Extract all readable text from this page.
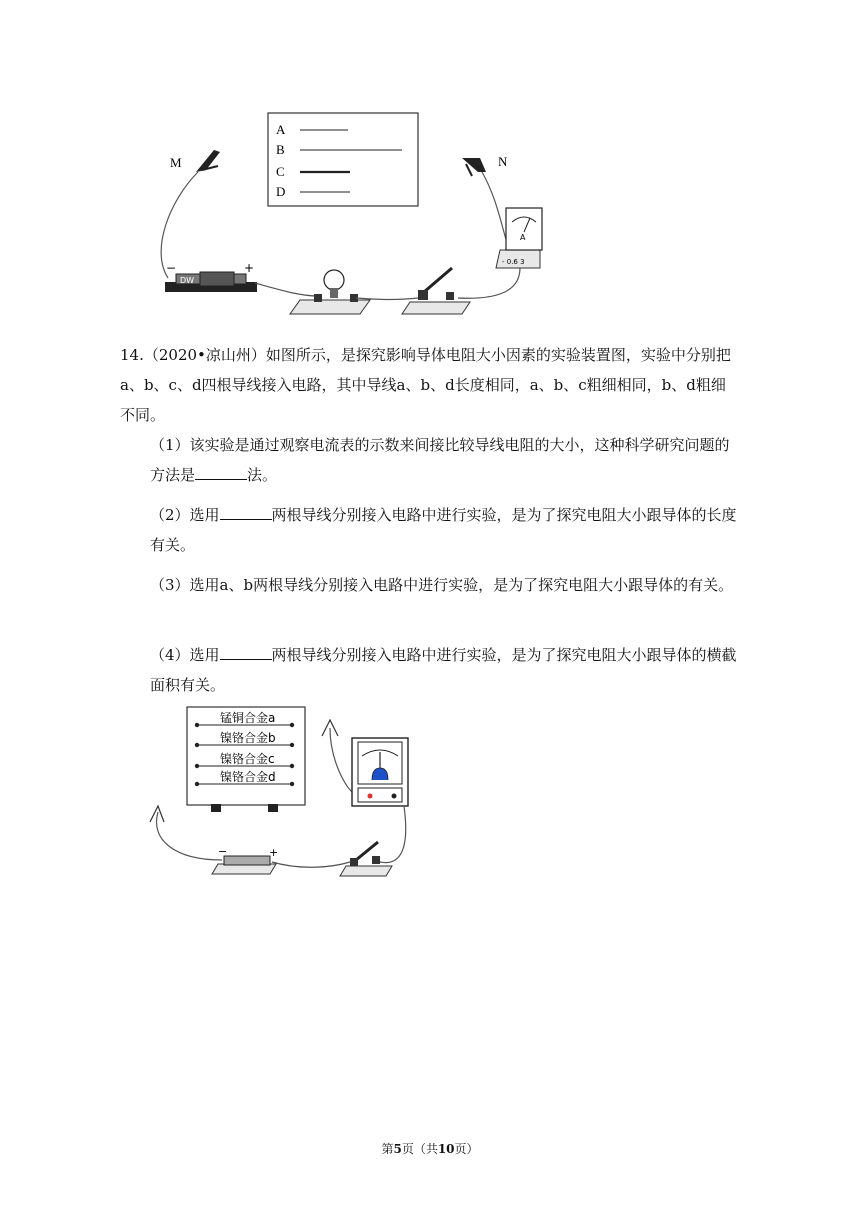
A
B
C
D
M	N
DW
−	+
A
- 0.6 3
14.（2020•凉山州）如图所示，是探究影响导体电阻大小因素的实验装置图，实验中分别把a、b、c、d四根导线接入电路，其中导线a、b、d长度相同，a、b、c粗细相同，b、d粗细不同。
（1）该实验是通过观察电流表的示数来间接比较导线电阻的大小，这种科学研究问题的方法是	法。
（2）选用	两根导线分别接入电路中进行实验，是为了探究电阻大小跟导体的长度有关。
（3）选用a、b两根导线分别接入电路中进行实验，是为了探究电阻大小跟导体的有关。
（4）选用	两根导线分别接入电路中进行实验，是为了探究电阻大小跟导体的横截面积有关。
锰铜合金a
镍铬合金b
镍铬合金c
镍铬合金d
−	+
第5页（共10页）
